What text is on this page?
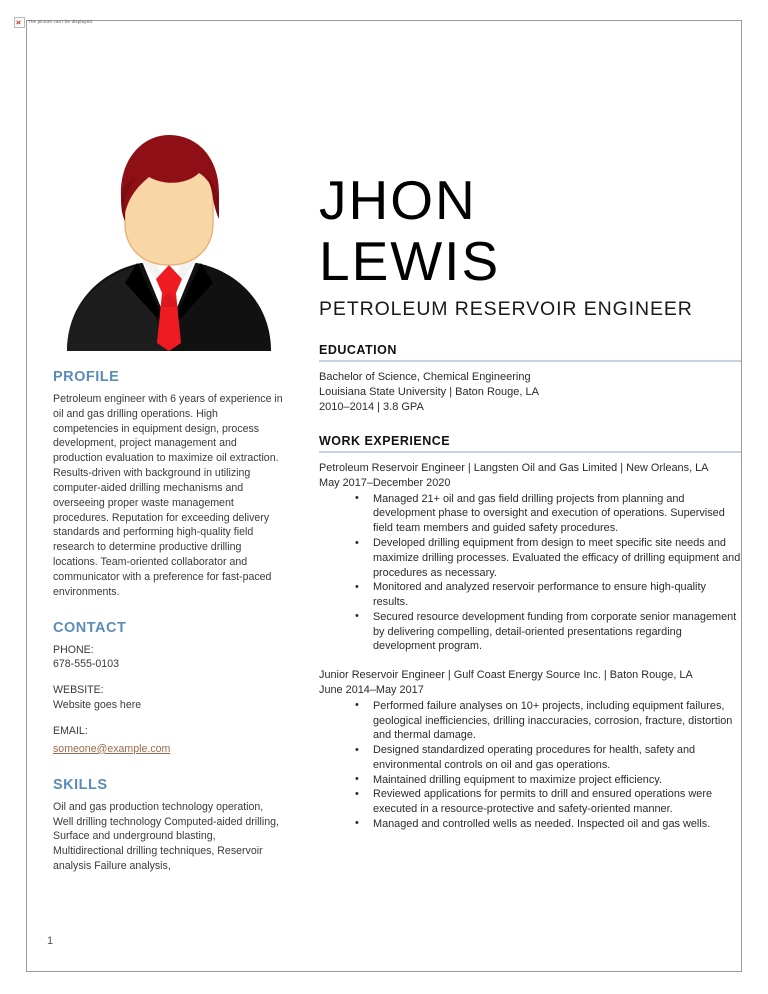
The picture can't be displayed.
JHON
LEWIS
PETROLEUM RESERVOIR ENGINEER
PROFILE
Petroleum engineer with 6 years of experience in oil and gas drilling operations. High competencies in equipment design, process development, project management and production evaluation to maximize oil extraction. Results-driven with background in utilizing computer-aided drilling mechanisms and overseeing proper waste management procedures. Reputation for exceeding delivery standards and performing high-quality field research to determine productive drilling locations. Team-oriented collaborator and communicator with a preference for fast-paced environments.
CONTACT
PHONE:
678-555-0103
WEBSITE:
Website goes here
EMAIL:
someone@example.com
SKILLS
Oil and gas production technology operation, Well drilling technology Computed-aided drilling, Surface and underground blasting, Multidirectional drilling techniques, Reservoir analysis Failure analysis,
EDUCATION
Bachelor of Science, Chemical Engineering
Louisiana State University | Baton Rouge, LA
2010–2014 | 3.8 GPA
WORK EXPERIENCE
Petroleum Reservoir Engineer | Langsten Oil and Gas Limited | New Orleans, LA
May 2017–December 2020
• Managed 21+ oil and gas field drilling projects from planning and development phase to oversight and execution of operations. Supervised field team members and guided safety procedures.
• Developed drilling equipment from design to meet specific site needs and maximize drilling processes. Evaluated the efficacy of drilling equipment and procedures as necessary.
• Monitored and analyzed reservoir performance to ensure high-quality results.
• Secured resource development funding from corporate senior management by delivering compelling, detail-oriented presentations regarding development program.
Junior Reservoir Engineer | Gulf Coast Energy Source Inc. | Baton Rouge, LA
June 2014–May 2017
• Performed failure analyses on 10+ projects, including equipment failures, geological inefficiencies, drilling inaccuracies, corrosion, fracture, distortion and thermal damage.
• Designed standardized operating procedures for health, safety and environmental controls on oil and gas operations.
• Maintained drilling equipment to maximize project efficiency.
• Reviewed applications for permits to drill and ensured operations were executed in a resource-protective and safety-oriented manner.
• Managed and controlled wells as needed. Inspected oil and gas wells.
1
